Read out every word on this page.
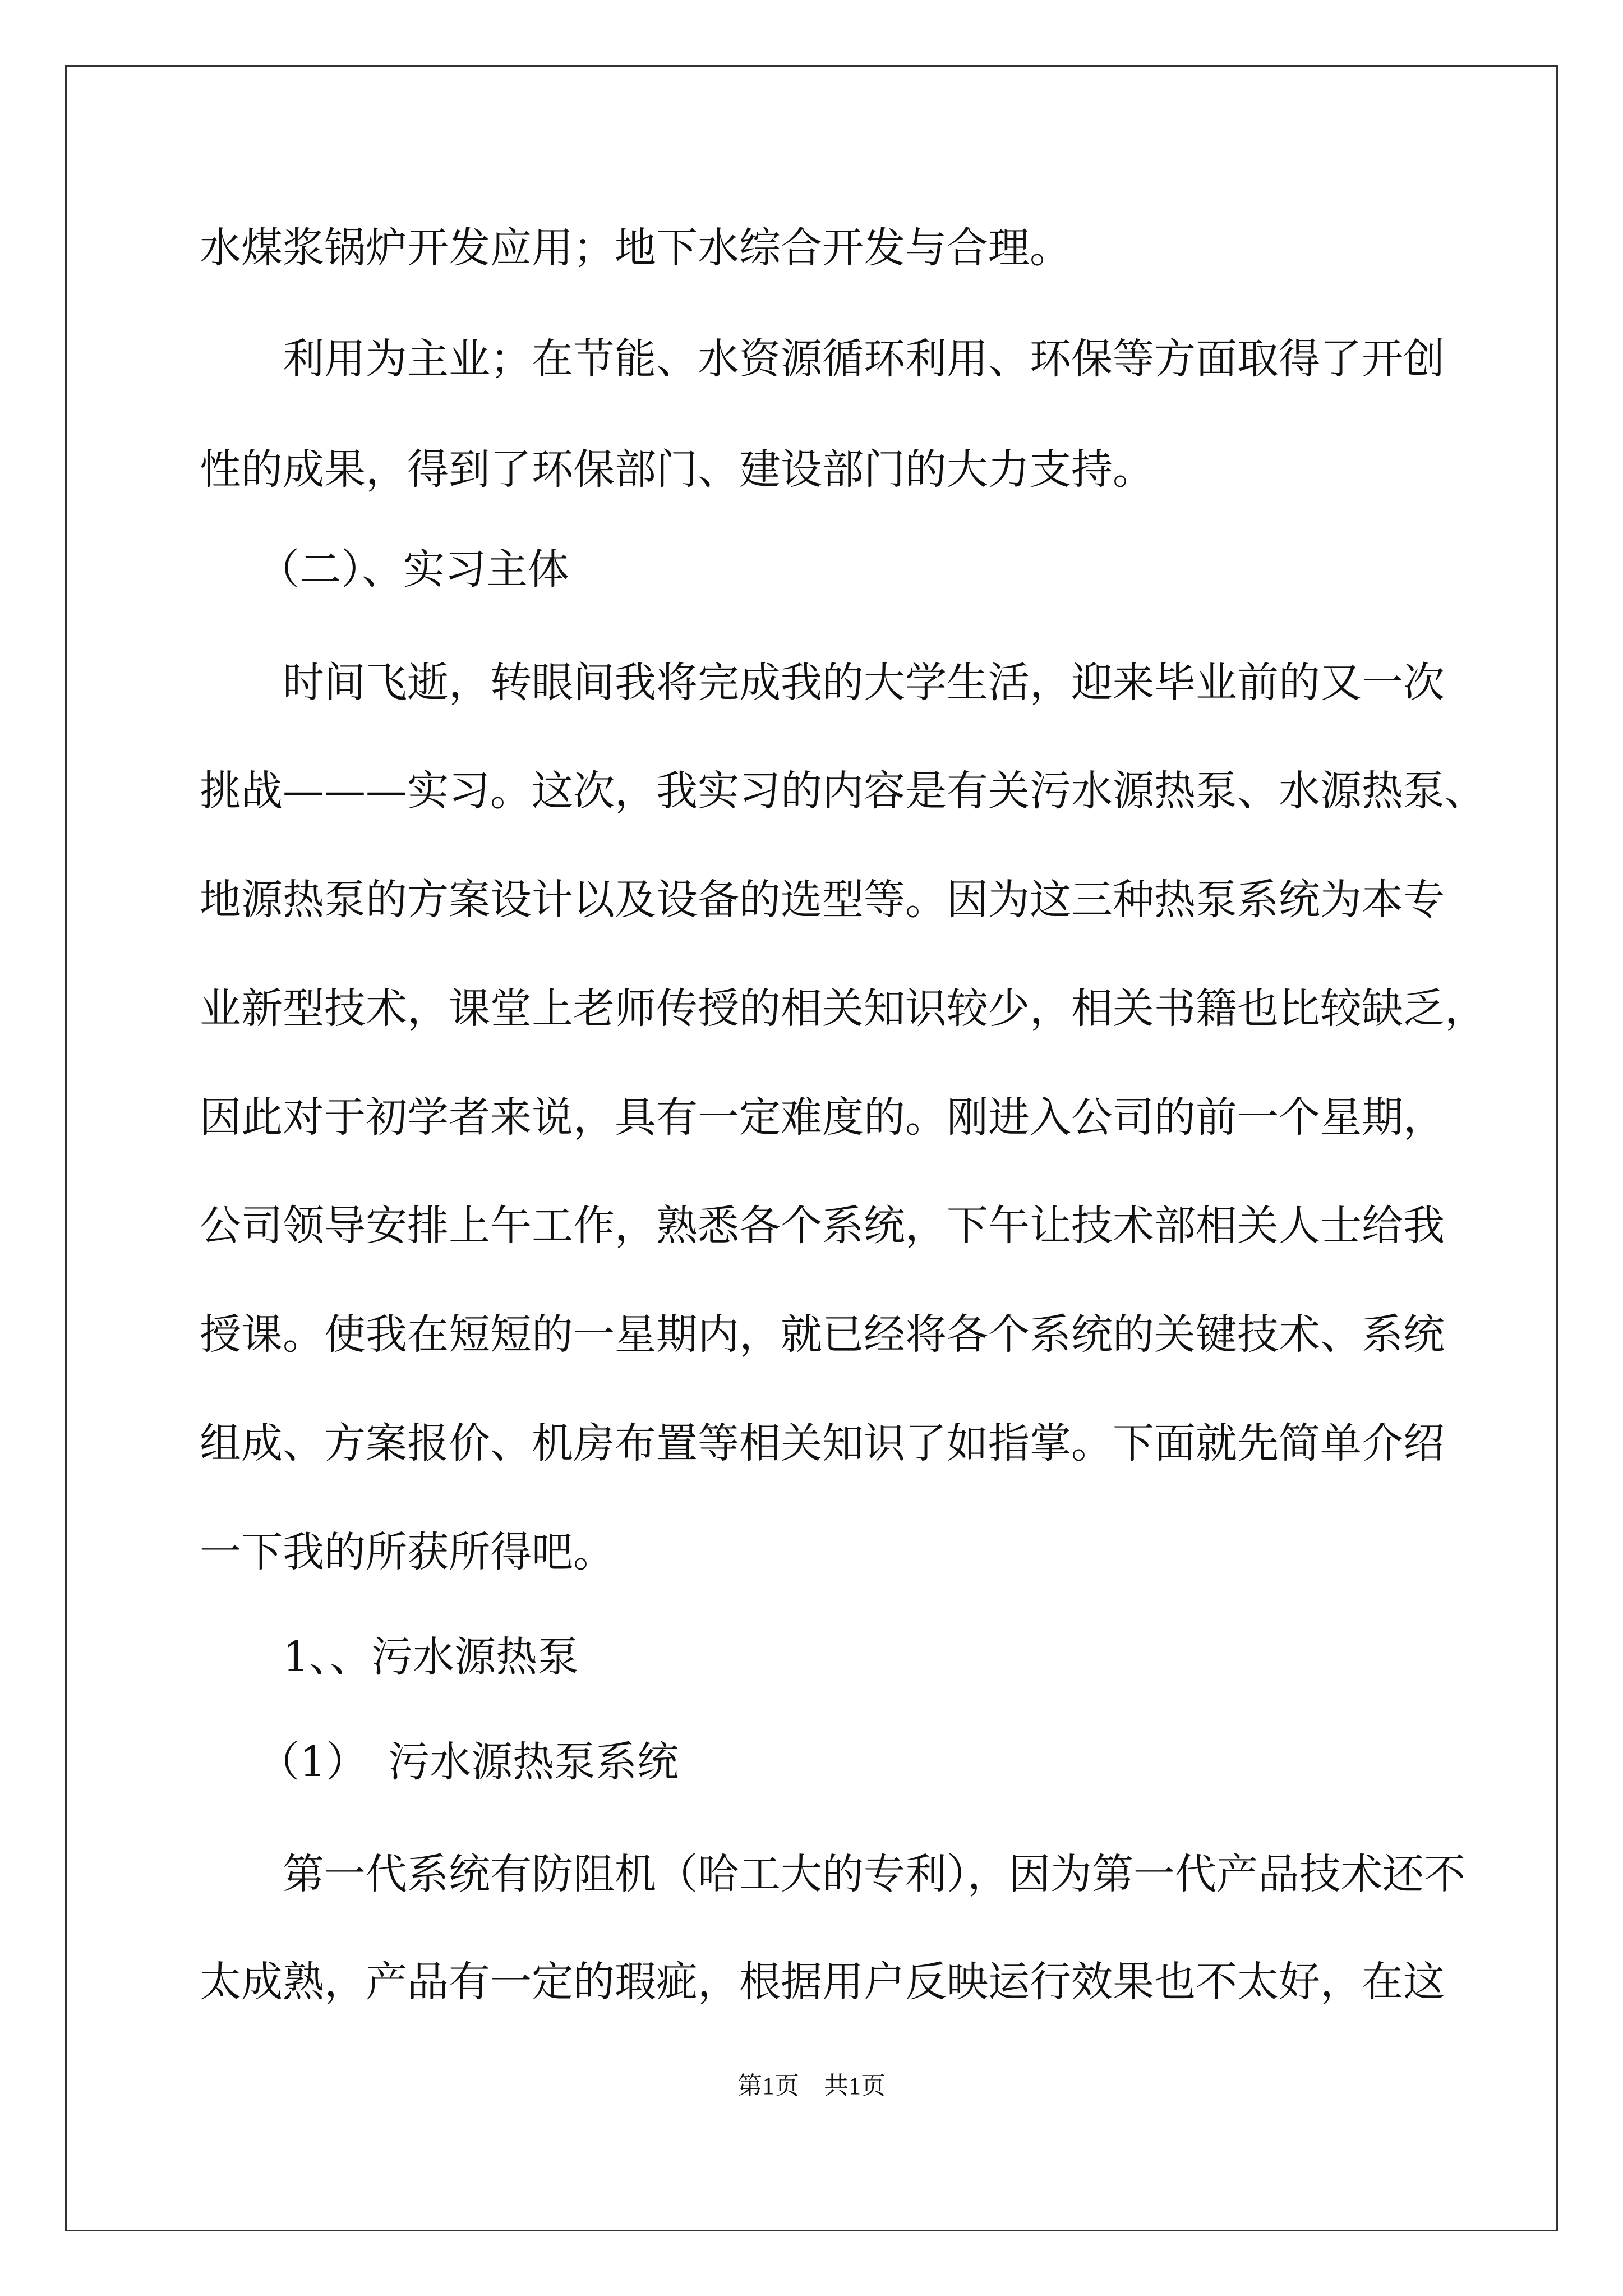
水煤浆锅炉开发应用；地下水综合开发与合理。

利用为主业；在节能、水资源循环利用、环保等方面取得了开创

性的成果，得到了环保部门、建设部门的大力支持。

（二）、实习主体

时间飞逝，转眼间我将完成我的大学生活，迎来毕业前的又一次

挑战———实习。这次，我实习的内容是有关污水源热泵、水源热泵、

地源热泵的方案设计以及设备的选型等。因为这三种热泵系统为本专

业新型技术，课堂上老师传授的相关知识较少，相关书籍也比较缺乏，

因此对于初学者来说，具有一定难度的。刚进入公司的前一个星期，

公司领导安排上午工作，熟悉各个系统，下午让技术部相关人士给我

授课。使我在短短的一星期内，就已经将各个系统的关键技术、系统

组成、方案报价、机房布置等相关知识了如指掌。下面就先简单介绍

一下我的所获所得吧。

1、、污水源热泵

（1）　污水源热泵系统

第一代系统有防阻机（哈工大的专利），因为第一代产品技术还不

太成熟，产品有一定的瑕疵，根据用户反映运行效果也不太好，在这

第1页　共1页
